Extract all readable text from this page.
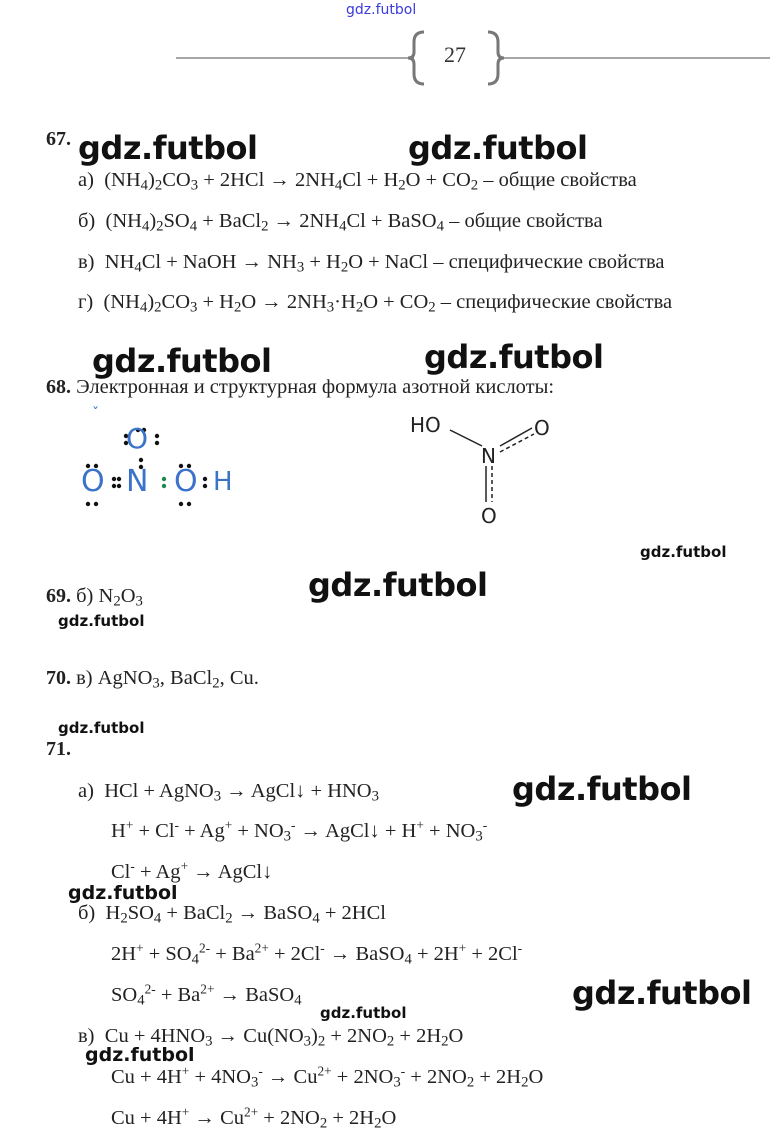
gdz.futbol
27
67. gdz.futbol	gdz.futbol
а) $(NH_4)_2CO_3 + 2HCl \to 2NH_4Cl + H_2O + CO_2$ – общие свойства
б) $(NH_4)_2SO_4$ + BaCl$_2$ → $2NH_4Cl$ + BaSO$_4$ – общие свойства
в) $NH_4Cl$ + NaOH → $NH_3 + H_2O$ + NaCl – специфические свойства
г) $(NH_4)_2CO_3 + H_2O \to 2NH_3\cdot H_2O + CO_2$ – специфические свойства
gdz.futbol	gdz.futbol
68. Электронная и структурная формула азотной кислоты:
ˇ
O
O N O H
HO
N
O
O
gdz.futbol
gdz.futbol
69. б) $N_2O_3$
gdz.futbol
70. в) AgNO$_3$, BaCl$_2$, Cu.
gdz.futbol
71.
gdz.futbol
а) HCl + AgNO$_3$ → AgCl↓ + $HNO_3$
$H^+ + Cl^- + Ag^+ + NO_3^-$ → AgCl↓ + $H^+ + NO_3^-$
Cl- + Ag+ → AgCl↓
gdz.futbol
б) $H_2SO_4$ + BaCl$_2$ → BaSO$_4$ + 2HCl
$2H^+ + SO_4^{2-} + Ba^{2+} + 2Cl^-$ → BaSO$_4$ + 2H+ + 2Cl-
gdz.futbol
$SO_4^{2-} + Ba^{2+}$ → BaSO$_4$
gdz.futbol
в) $Cu + 4HNO_3 \to Cu(NO_3)_2 + 2NO_2 + 2H_2O$
gdz.futbol
$Cu + 4H^+ + 4NO_3^- \to Cu^{2+} + 2NO_3^- + 2NO_2 + 2H_2O$
$Cu + 4H^+ \to Cu^{2+} + 2NO_2 + 2H_2O$
